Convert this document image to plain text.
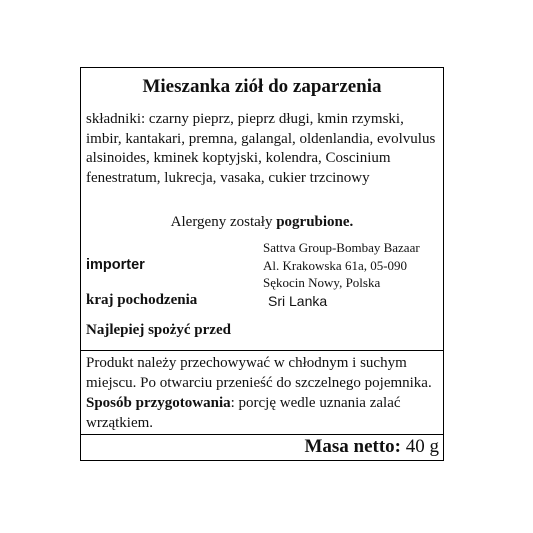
Mieszanka ziół do zaparzenia
składniki: czarny pieprz, pieprz długi, kmin rzymski, imbir, kantakari, premna, galangal, oldenlandia, evolvulus alsinoides, kminek koptyjski, kolendra, Coscinium fenestratum, lukrecja, vasaka, cukier trzcinowy
Alergeny zostały pogrubione.
importer
Sattva Group-Bombay Bazaar
Al. Krakowska 61a, 05-090
Sękocin Nowy, Polska
kraj pochodzenia	Sri Lanka
Najlepiej spożyć przed
Produkt należy przechowywać w chłodnym i suchym miejscu. Po otwarciu przenieść do szczelnego pojemnika. Sposób przygotowania: porcję wedle uznania zalać wrzątkiem.
Masa netto: 40 g
